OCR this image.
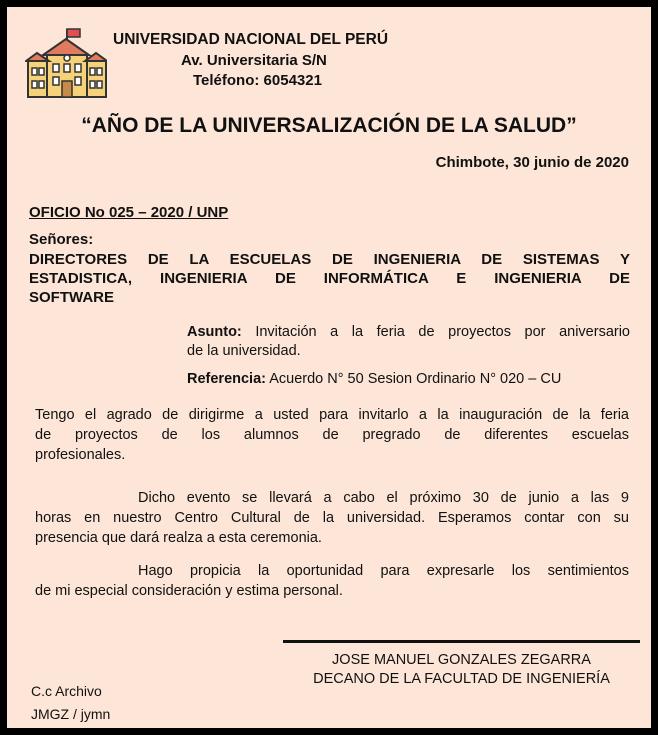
UNIVERSIDAD NACIONAL DEL PERÚ
Av. Universitaria S/N
Teléfono: 6054321
“AÑO DE LA UNIVERSALIZACIÓN DE LA SALUD”
Chimbote, 30 junio de 2020
OFICIO No 025 – 2020 / UNP
Señores:
DIRECTORES DE LA ESCUELAS DE INGENIERIA DE SISTEMAS Y
ESTADISTICA, INGENIERIA DE INFORMÁTICA E INGENIERIA DE
SOFTWARE
Asunto: Invitación a la feria de proyectos por aniversario
de la universidad.
Referencia: Acuerdo N° 50 Sesion Ordinario N° 020 – CU
Tengo el agrado de dirigirme a usted para invitarlo a la inauguración de la feria
de proyectos de los alumnos de pregrado de diferentes escuelas
profesionales.
Dicho evento se llevará a cabo el próximo 30 de junio a las 9
horas en nuestro Centro Cultural de la universidad. Esperamos contar con su
presencia que dará realza a esta ceremonia.
Hago propicia la oportunidad para expresarle los sentimientos
de mi especial consideración y estima personal.
JOSE MANUEL GONZALES ZEGARRA
DECANO DE LA FACULTAD DE INGENIERÍA
C.c Archivo
JMGZ / jymn
